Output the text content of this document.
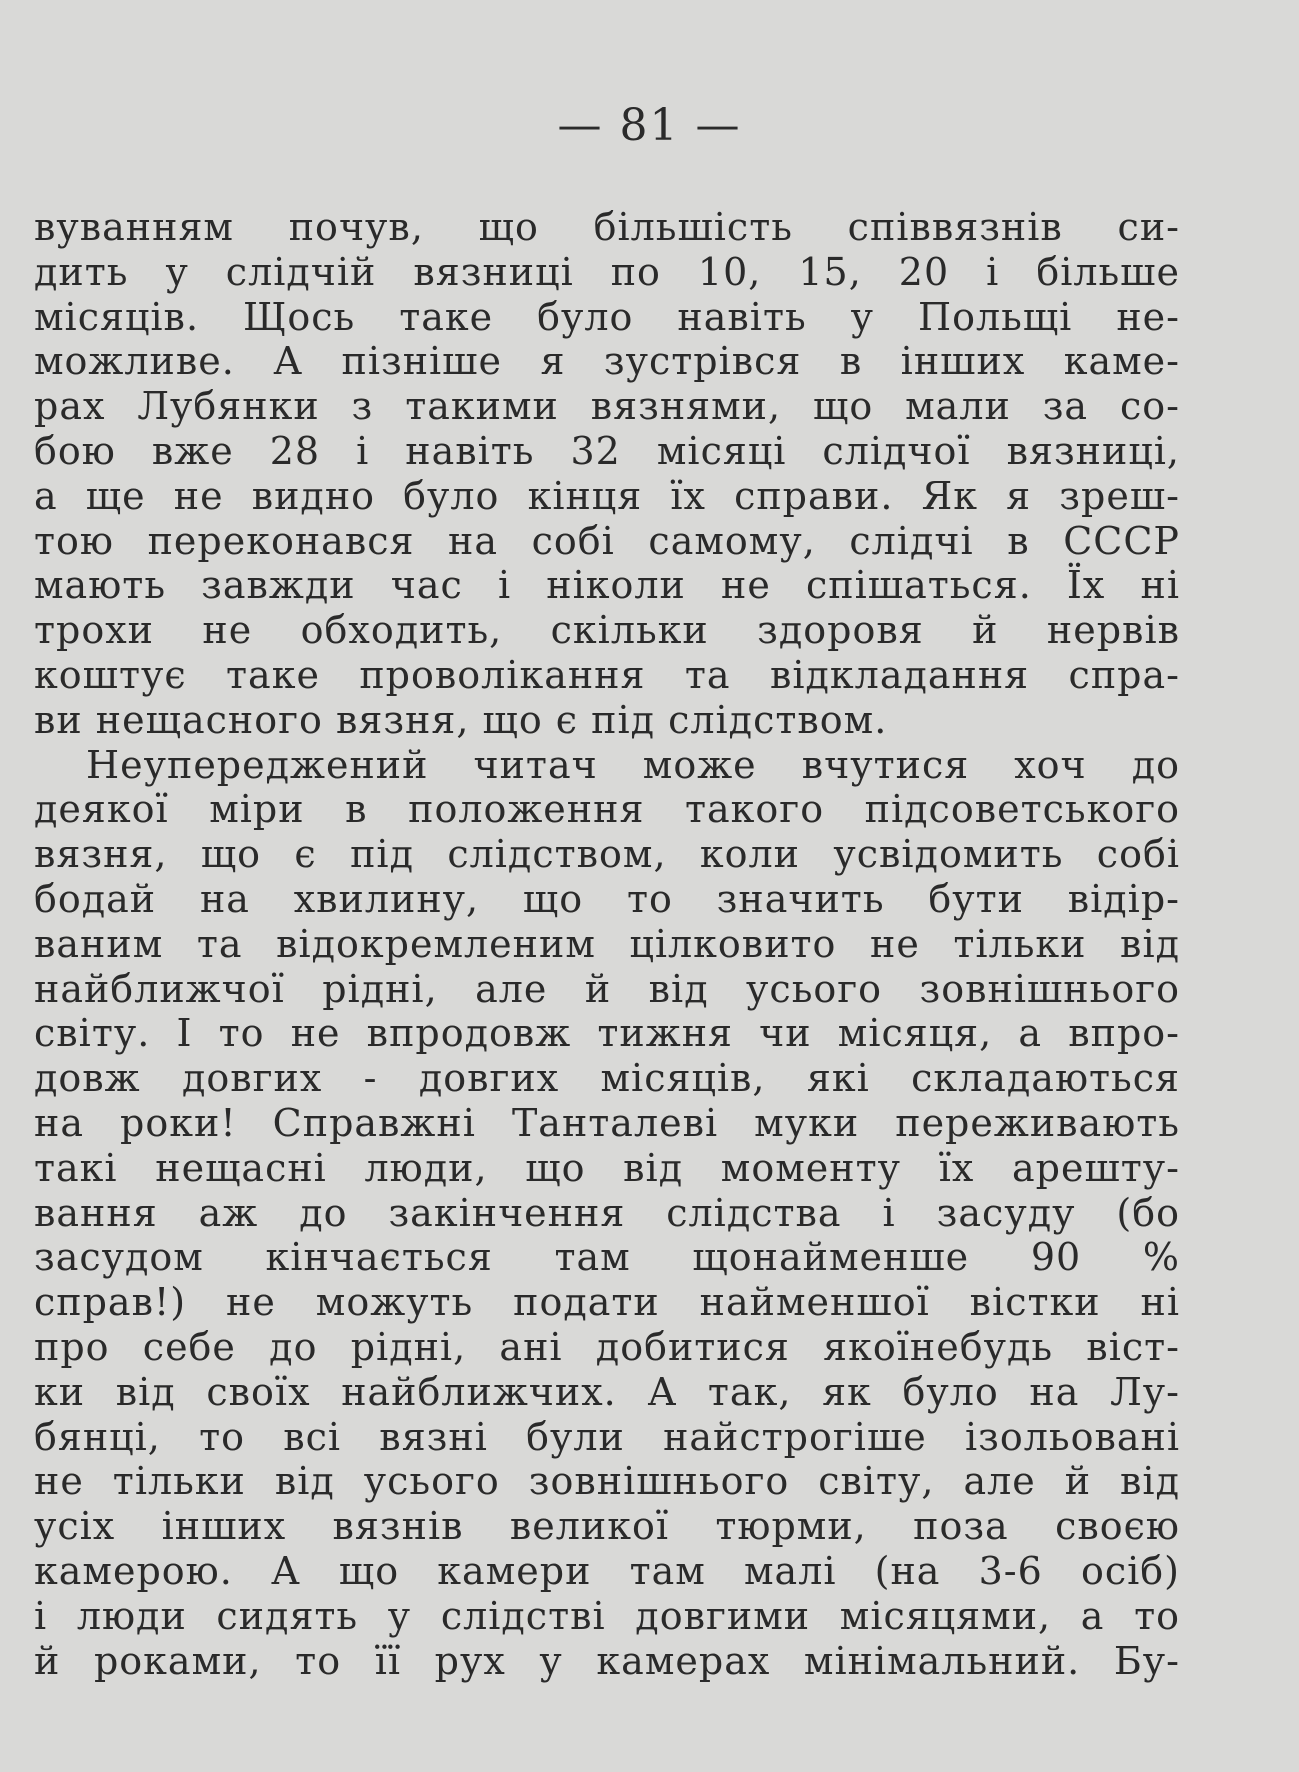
— 81 —
вуванням почув, що більшість співвязнів си-
дить у слідчій вязниці по 10, 15, 20 і більше
місяців. Щось таке було навіть у Польщі не-
можливе. А пізніше я зустрівся в інших каме-
рах Лубянки з такими вязнями, що мали за со-
бою вже 28 і навіть 32 місяці слідчої вязниці,
а ще не видно було кінця їх справи. Як я зреш-
тою переконався на собі самому, слідчі в СССР
мають завжди час і ніколи не спішаться. Їх ні
трохи не обходить, скільки здоровя й нервів
коштує таке проволікання та відкладання спра-
ви нещасного вязня, що є під слідством.
Неупереджений читач може вчутися хоч до
деякої міри в положення такого підсоветського
вязня, що є під слідством, коли усвідомить собі
бодай на хвилину, що то значить бути відір-
ваним та відокремленим цілковито не тільки від
найближчої рідні, але й від усього зовнішнього
світу. І то не впродовж тижня чи місяця, а впро-
довж довгих - довгих місяців, які складаються
на роки! Справжні Танталеві муки переживають
такі нещасні люди, що від моменту їх арешту-
вання аж до закінчення слідства і засуду (бо
засудом кінчається там щонайменше 90 %
справ!) не можуть подати найменшої вістки ні
про себе до рідні, ані добитися якоїнебудь віст-
ки від своїх найближчих. А так, як було на Лу-
бянці, то всі вязні були найстрогіше ізольовані
не тільки від усього зовнішнього світу, але й від
усіх інших вязнів великої тюрми, поза своєю
камерою. А що камери там малі (на 3-6 осіб)
і люди сидять у слідстві довгими місяцями, а то
й роками, то її рух у камерах мінімальний. Бу-
